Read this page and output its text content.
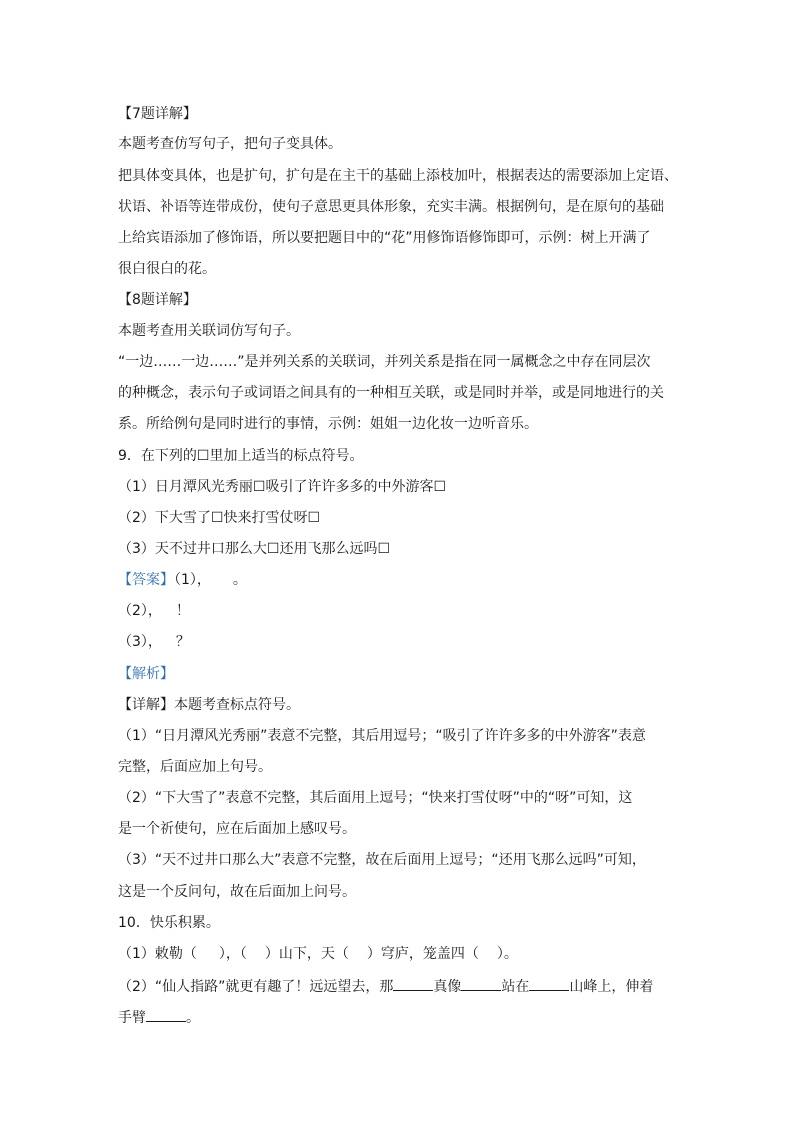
【7题详解】
本题考查仿写句子，把句子变具体。
把具体变具体，也是扩句，扩句是在主干的基础上添枝加叶，根据表达的需要添加上定语、
状语、补语等连带成份，使句子意思更具体形象，充实丰满。根据例句，是在原句的基础
上给宾语添加了修饰语，所以要把题目中的“花”用修饰语修饰即可，示例：树上开满了
很白很白的花。
【8题详解】
本题考查用关联词仿写句子。
“一边……一边……”是并列关系的关联词，并列关系是指在同一属概念之中存在同层次
的种概念，表示句子或词语之间具有的一种相互关联，或是同时并举，或是同地进行的关
系。所给例句是同时进行的事情，示例：姐姐一边化妆一边听音乐。
9．在下列的☐里加上适当的标点符号。
（1）日月潭风光秀丽☐吸引了许许多多的中外游客☐
（2）下大雪了☐快来打雪仗呀☐
（3）天不过井口那么大☐还用飞那么远吗☐
【答案】（1）， 。
（2）， ！
（3）， ？
【解析】
【详解】本题考查标点符号。
（1）“日月潭风光秀丽”表意不完整，其后用逗号；“吸引了许许多多的中外游客”表意
完整，后面应加上句号。
（2）“下大雪了”表意不完整，其后面用上逗号；“快来打雪仗呀”中的“呀”可知，这
是一个祈使句，应在后面加上感叹号。
（3）“天不过井口那么大”表意不完整，故在后面用上逗号；“还用飞那么远吗”可知，
这是一个反问句，故在后面加上问号。
10．快乐积累。
（1）敕勒（ ），（ ）山下，天（ ）穹庐，笼盖四（ ）。
（2）“仙人指路”就更有趣了！远远望去，那	真像	站在	山峰上，伸着
手臂	。
